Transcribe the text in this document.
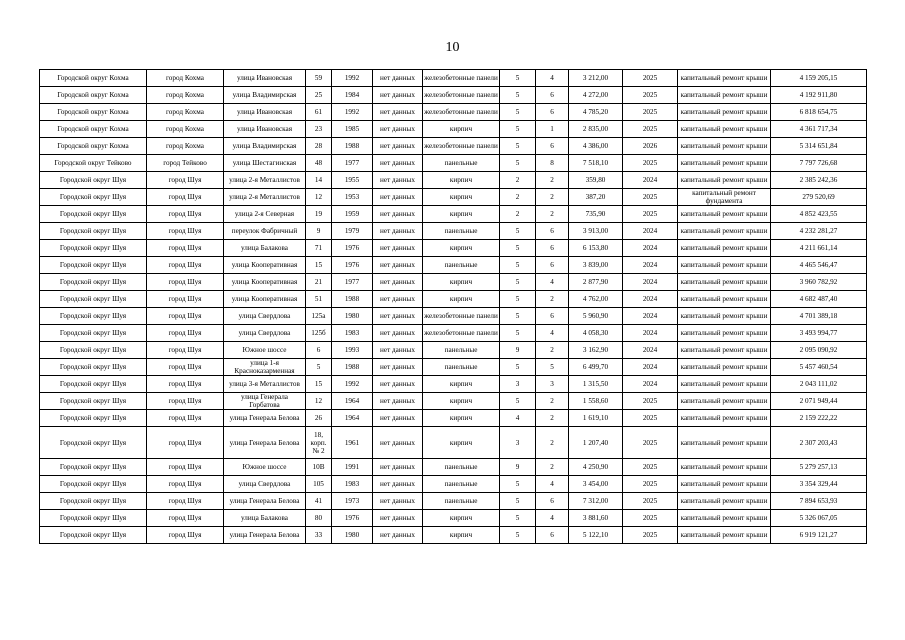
10
Городской округ Кохма	город Кохма	улица Ивановская	59	1992	нет данных	железобетонные панели	5	4	3 212,00	2025	капитальный ремонт крыши	4 159 205,15
Городской округ Кохма	город Кохма	улица Владимирская	25	1984	нет данных	железобетонные панели	5	6	4 272,00	2025	капитальный ремонт крыши	4 192 911,80
Городской округ Кохма	город Кохма	улица Ивановская	61	1992	нет данных	железобетонные панели	5	6	4 785,20	2025	капитальный ремонт крыши	6 818 654,75
Городской округ Кохма	город Кохма	улица Ивановская	23	1985	нет данных	кирпич	5	1	2 835,00	2025	капитальный ремонт крыши	4 361 717,34
Городской округ Кохма	город Кохма	улица Владимирская	28	1988	нет данных	железобетонные панели	5	6	4 386,00	2026	капитальный ремонт крыши	5 314 651,84
Городской округ Тейково	город Тейково	улица Шестагинская	48	1977	нет данных	панельные	5	8	7 518,10	2025	капитальный ремонт крыши	7 797 726,68
Городской округ Шуя	город Шуя	улица 2-я Металлистов	14	1955	нет данных	кирпич	2	2	359,80	2024	капитальный ремонт крыши	2 385 242,36
Городской округ Шуя	город Шуя	улица 2-я Металлистов	12	1953	нет данных	кирпич	2	2	387,20	2025	капитальный ремонт фундамента	279 520,69
Городской округ Шуя	город Шуя	улица 2-я Северная	19	1959	нет данных	кирпич	2	2	735,90	2025	капитальный ремонт крыши	4 852 423,55
Городской округ Шуя	город Шуя	переулок Фабричный	9	1979	нет данных	панельные	5	6	3 913,00	2024	капитальный ремонт крыши	4 232 281,27
Городской округ Шуя	город Шуя	улица Балакова	71	1976	нет данных	кирпич	5	6	6 153,80	2024	капитальный ремонт крыши	4 211 661,14
Городской округ Шуя	город Шуя	улица Кооперативная	15	1976	нет данных	панельные	5	6	3 839,00	2024	капитальный ремонт крыши	4 465 546,47
Городской округ Шуя	город Шуя	улица Кооперативная	21	1977	нет данных	кирпич	5	4	2 877,90	2024	капитальный ремонт крыши	3 960 782,92
Городской округ Шуя	город Шуя	улица Кооперативная	51	1988	нет данных	кирпич	5	2	4 762,00	2024	капитальный ремонт крыши	4 682 487,40
Городской округ Шуя	город Шуя	улица Свердлова	125а	1980	нет данных	железобетонные панели	5	6	5 960,90	2024	капитальный ремонт крыши	4 701 389,18
Городской округ Шуя	город Шуя	улица Свердлова	125б	1983	нет данных	железобетонные панели	5	4	4 058,30	2024	капитальный ремонт крыши	3 493 994,77
Городской округ Шуя	город Шуя	Южное шоссе	6	1993	нет данных	панельные	9	2	3 162,90	2024	капитальный ремонт крыши	2 095 090,92
Городской округ Шуя	город Шуя	улица 1-я Красноказарменная	5	1988	нет данных	панельные	5	5	6 499,70	2024	капитальный ремонт крыши	5 457 460,54
Городской округ Шуя	город Шуя	улица 3-я Металлистов	15	1992	нет данных	кирпич	3	3	1 315,50	2024	капитальный ремонт крыши	2 043 111,02
Городской округ Шуя	город Шуя	улица Генерала Горбатова	12	1964	нет данных	кирпич	5	2	1 558,60	2025	капитальный ремонт крыши	2 071 949,44
Городской округ Шуя	город Шуя	улица Генерала Белова	26	1964	нет данных	кирпич	4	2	1 619,10	2025	капитальный ремонт крыши	2 159 222,22
Городской округ Шуя	город Шуя	улица Генерала Белова	18, корп. № 2	1961	нет данных	кирпич	3	2	1 207,40	2025	капитальный ремонт крыши	2 307 203,43
Городской округ Шуя	город Шуя	Южное шоссе	10В	1991	нет данных	панельные	9	2	4 250,90	2025	капитальный ремонт крыши	5 279 257,13
Городской округ Шуя	город Шуя	улица Свердлова	105	1983	нет данных	панельные	5	4	3 454,00	2025	капитальный ремонт крыши	3 354 329,44
Городской округ Шуя	город Шуя	улица Генерала Белова	41	1973	нет данных	панельные	5	6	7 312,00	2025	капитальный ремонт крыши	7 894 653,93
Городской округ Шуя	город Шуя	улица Балакова	80	1976	нет данных	кирпич	5	4	3 881,60	2025	капитальный ремонт крыши	5 326 067,05
Городской округ Шуя	город Шуя	улица Генерала Белова	33	1980	нет данных	кирпич	5	6	5 122,10	2025	капитальный ремонт крыши	6 919 121,27
